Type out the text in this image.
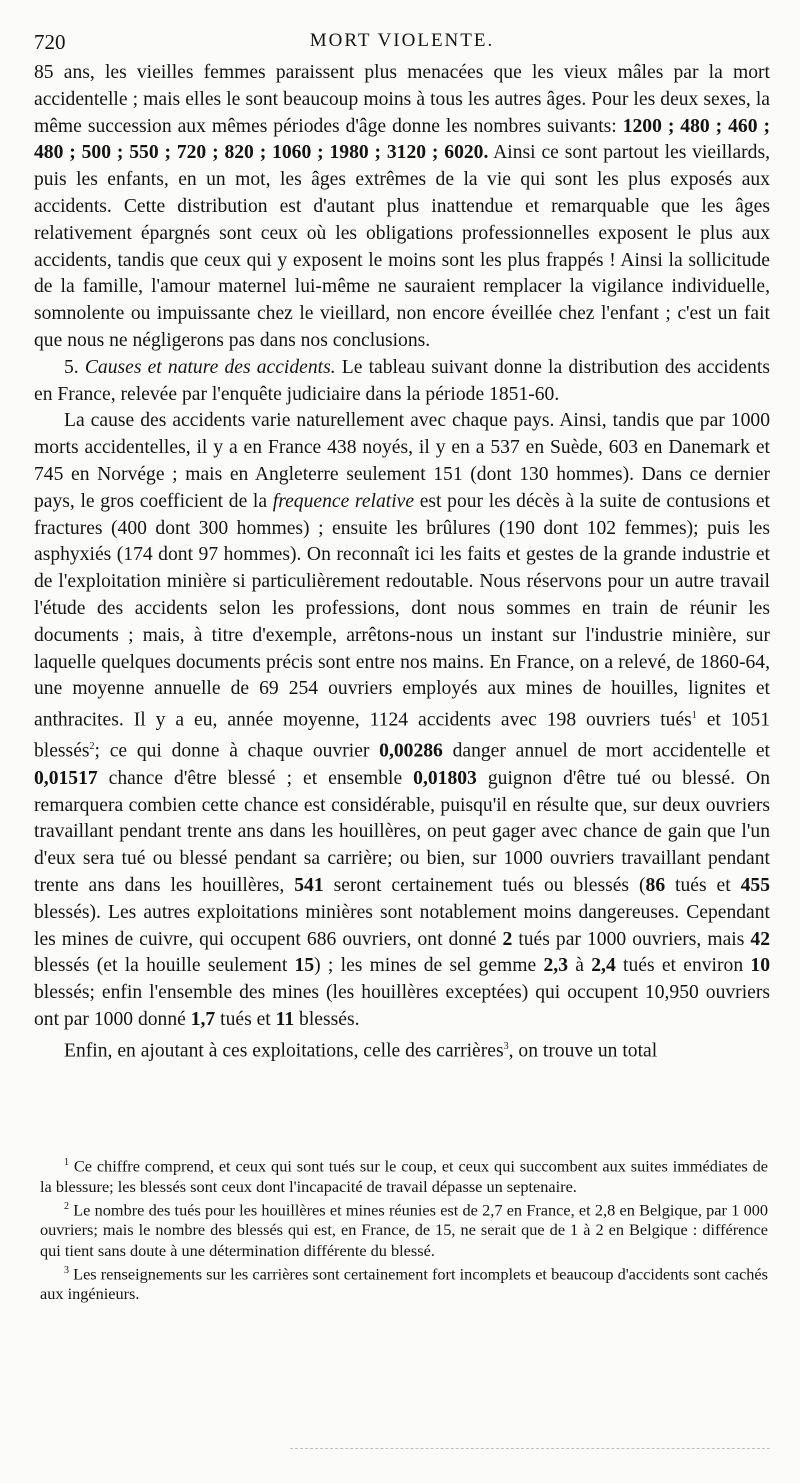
720	MORT VIOLENTE.

85 ans, les vieilles femmes paraissent plus menacées que les vieux mâles par la mort accidentelle ; mais elles le sont beaucoup moins à tous les autres âges. Pour les deux sexes, la même succession aux mêmes périodes d'âge donne les nombres suivants: 1200 ; 480 ; 460 ; 480 ; 500 ; 550 ; 720 ; 820 ; 1060 ; 1980 ; 3120 ; 6020. Ainsi ce sont partout les vieillards, puis les enfants, en un mot, les âges extrêmes de la vie qui sont les plus exposés aux accidents. Cette distribution est d'autant plus inattendue et remarquable que les âges relativement épargnés sont ceux où les obligations professionnelles exposent le plus aux accidents, tandis que ceux qui y exposent le moins sont les plus frappés ! Ainsi la sollicitude de la famille, l'amour maternel lui-même ne sauraient remplacer la vigilance individuelle, somnolente ou impuissante chez le vieillard, non encore éveillée chez l'enfant ; c'est un fait que nous ne négligerons pas dans nos conclusions.

5. Causes et nature des accidents. Le tableau suivant donne la distribution des accidents en France, relevée par l'enquête judiciaire dans la période 1851-60.

La cause des accidents varie naturellement avec chaque pays. Ainsi, tandis que par 1000 morts accidentelles, il y a en France 438 noyés, il y en a 537 en Suède, 603 en Danemark et 745 en Norvége ; mais en Angleterre seulement 151 (dont 130 hommes). Dans ce dernier pays, le gros coefficient de la frequence relative est pour les décès à la suite de contusions et fractures (400 dont 300 hommes) ; ensuite les brûlures (190 dont 102 femmes); puis les asphyxiés (174 dont 97 hommes). On reconnaît ici les faits et gestes de la grande industrie et de l'exploitation minière si particulièrement redoutable. Nous réservons pour un autre travail l'étude des accidents selon les professions, dont nous sommes en train de réunir les documents ; mais, à titre d'exemple, arrêtons-nous un instant sur l'industrie minière, sur laquelle quelques documents précis sont entre nos mains. En France, on a relevé, de 1860-64, une moyenne annuelle de 69 254 ouvriers employés aux mines de houilles, lignites et anthracites. Il y a eu, année moyenne, 1124 accidents avec 198 ouvriers tués$^1$ et 1051 blessés$^2$; ce qui donne à chaque ouvrier 0,00286 danger annuel de mort accidentelle et 0,01517 chance d'être blessé ; et ensemble 0,01803 guignon d'être tué ou blessé. On remarquera combien cette chance est considérable, puisqu'il en résulte que, sur deux ouvriers travaillant pendant trente ans dans les houillères, on peut gager avec chance de gain que l'un d'eux sera tué ou blessé pendant sa carrière; ou bien, sur 1000 ouvriers travaillant pendant trente ans dans les houillères, 541 seront certainement tués ou blessés (86 tués et 455 blessés). Les autres exploitations minières sont notablement moins dangereuses. Cependant les mines de cuivre, qui occupent 686 ouvriers, ont donné 2 tués par 1000 ouvriers, mais 42 blessés (et la houille seulement 15) ; les mines de sel gemme 2,3 à 2,4 tués et environ 10 blessés; enfin l'ensemble des mines (les houillères exceptées) qui occupent 10,950 ouvriers ont par 1000 donné 1,7 tués et 11 blessés.

Enfin, en ajoutant à ces exploitations, celle des carrières$^3$, on trouve un total

$^1$ Ce chiffre comprend, et ceux qui sont tués sur le coup, et ceux qui succombent aux suites immédiates de la blessure; les blessés sont ceux dont l'incapacité de travail dépasse un septenaire.

$^2$ Le nombre des tués pour les houillères et mines réunies est de 2,7 en France, et 2,8 en Belgique, par 1 000 ouvriers; mais le nombre des blessés qui est, en France, de 15, ne serait que de 1 à 2 en Belgique : différence qui tient sans doute à une détermination différente du blessé.

$^3$ Les renseignements sur les carrières sont certainement fort incomplets et beaucoup d'accidents sont cachés aux ingénieurs.
